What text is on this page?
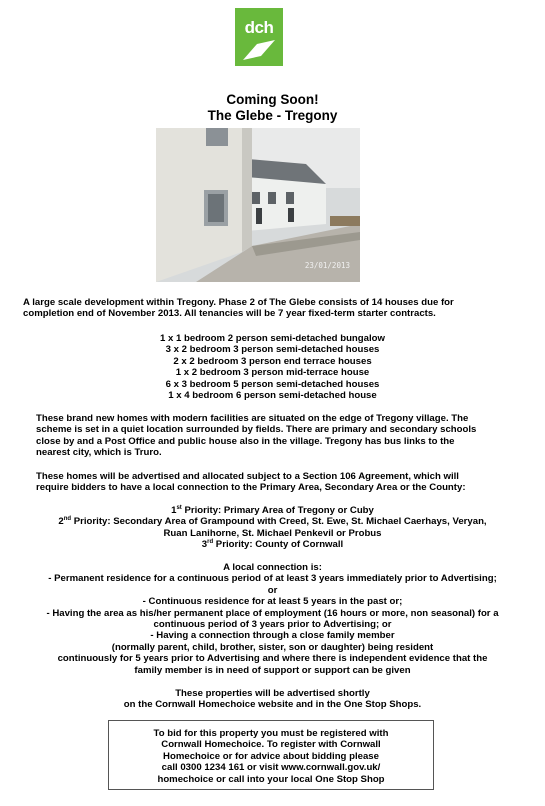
dch
Coming Soon!
The Glebe - Tregony
23/01/2013
A large scale development within Tregony. Phase 2 of The Glebe consists of 14 houses due for
completion end of November 2013. All tenancies will be 7 year fixed-term starter contracts.
1 x 1 bedroom 2 person semi-detached bungalow
3 x 2 bedroom 3 person semi-detached houses
2 x 2 bedroom 3 person end terrace houses
1 x 2 bedroom 3 person mid-terrace house
6 x 3 bedroom 5 person semi-detached houses
1 x 4 bedroom 6 person semi-detached house
These brand new homes with modern facilities are situated on the edge of Tregony village. The
scheme is set in a quiet location surrounded by fields. There are primary and secondary schools
close by and a Post Office and public house also in the village. Tregony has bus links to the
nearest city, which is Truro.
These homes will be advertised and allocated subject to a Section 106 Agreement, which will
require bidders to have a local connection to the Primary Area, Secondary Area or the County:
1st Priority: Primary Area of Tregony or Cuby
2nd Priority: Secondary Area of Grampound with Creed, St. Ewe, St. Michael Caerhays, Veryan,
Ruan Lanihorne, St. Michael Penkevil or Probus
3rd Priority: County of Cornwall
A local connection is:
- Permanent residence for a continuous period of at least 3 years immediately prior to Advertising;
or
- Continuous residence for at least 5 years in the past or;
- Having the area as his/her permanent place of employment (16 hours or more, non seasonal) for a
continuous period of 3 years prior to Advertising; or
- Having a connection through a close family member
(normally parent, child, brother, sister, son or daughter) being resident
continuously for 5 years prior to Advertising and where there is independent evidence that the
family member is in need of support or support can be given
These properties will be advertised shortly
on the Cornwall Homechoice website and in the One Stop Shops.
To bid for this property you must be registered with
Cornwall Homechoice. To register with Cornwall
Homechoice or for advice about bidding please
call 0300 1234 161 or visit www.cornwall.gov.uk/
homechoice or call into your local One Stop Shop
